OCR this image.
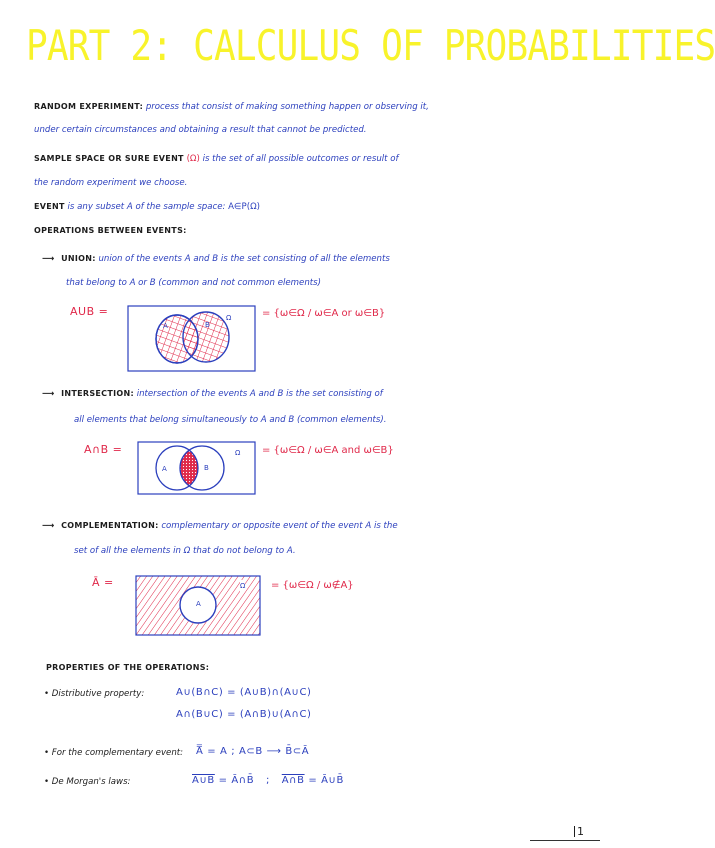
PART 2: CALCULUS OF PROBABILITIES
RANDOM EXPERIMENT: process that consist of making something happen or observing it,
under certain circumstances and obtaining a result that cannot be predicted.
SAMPLE SPACE OR SURE EVENT (Ω) is the set of all possible outcomes or result of
the random experiment we choose.
EVENT is any subset A of the sample space: A∈P(Ω)
OPERATIONS BETWEEN EVENTS:
⟶ UNION: union of the events A and B is the set consisting of all the elements
that belong to A or B (common and not common elements)
AUB =	Ω
A	B
= {ω∈Ω / ω∈A or ω∈B}
⟶ INTERSECTION: intersection of the events A and B is the set consisting of
all elements that belong simultaneously to A and B (common elements).
A∩B =	Ω
A	B
= {ω∈Ω / ω∈A and ω∈B}
⟶ COMPLEMENTATION: complementary or opposite event of the event A is the
set of all the elements in Ω that do not belong to A.
Ā =	Ω
A
= {ω∈Ω / ω∉A}
PROPERTIES OF THE OPERATIONS:
• Distributive property:	A∪(B∩C) = (A∪B)∩(A∪C)
A∩(B∪C) = (A∩B)∪(A∩C)
• For the complementary event: A̿ = A ; A⊂B ⟶ B̄⊂Ā
• De Morgan's laws:	A∪B = Ā∩B̄ ; A∩B = Ā∪B̄
1
